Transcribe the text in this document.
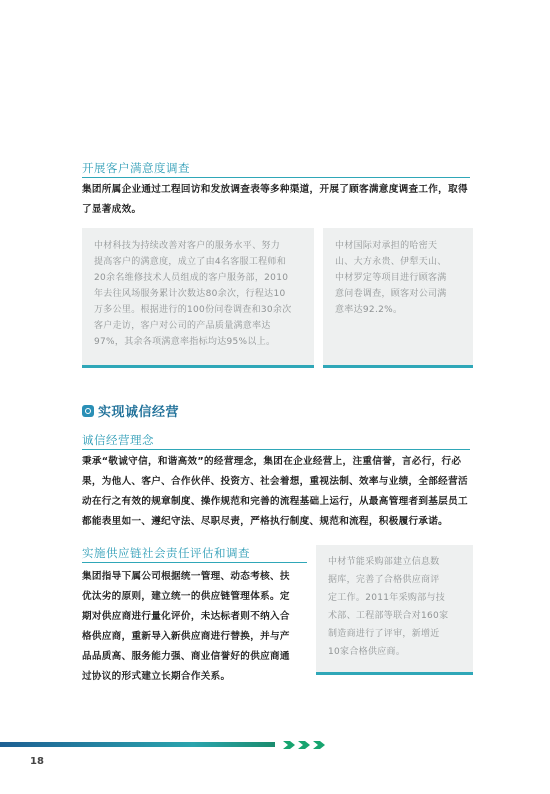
开展客户满意度调查
集团所属企业通过工程回访和发放调查表等多种渠道，开展了顾客满意度调查工作，取得
了显著成效。

中材科技为持续改善对客户的服务水平、努力

提高客户的满意度，成立了由4名客服工程师和

20余名维修技术人员组成的客户服务部，2010

年去往风场服务累计次数达80余次，行程达10

万多公里。根据进行的100份问卷调查和30余次

客户走访，客户对公司的产品质量满意率达

97%，其余各项满意率指标均达95%以上。

中材国际对承担的哈密天

山、大方永贵、伊犁天山、

中材罗定等项目进行顾客满

意问卷调查，顾客对公司满

意率达92.2%。

实现诚信经营
诚信经营理念
秉承“敬诚守信，和谐高效”的经营理念，集团在企业经营上，注重信誉，言必行，行必
果，为他人、客户、合作伙伴、投资方、社会着想，重视法制、效率与业绩，全部经营活
动在行之有效的规章制度、操作规范和完善的流程基础上运行，从最高管理者到基层员工
都能表里如一、遵纪守法、尽职尽责，严格执行制度、规范和流程，积极履行承诺。
实施供应链社会责任评估和调查
集团指导下属公司根据统一管理、动态考核、扶
优汰劣的原则，建立统一的供应链管理体系。定
期对供应商进行量化评价，未达标者则不纳入合
格供应商，重新导入新供应商进行替换，并与产
品品质高、服务能力强、商业信誉好的供应商通
过协议的形式建立长期合作关系。

中材节能采购部建立信息数

据库，完善了合格供应商评

定工作。2011年采购部与技

术部、工程部等联合对160家

制造商进行了评审，新增近

10家合格供应商。

18
